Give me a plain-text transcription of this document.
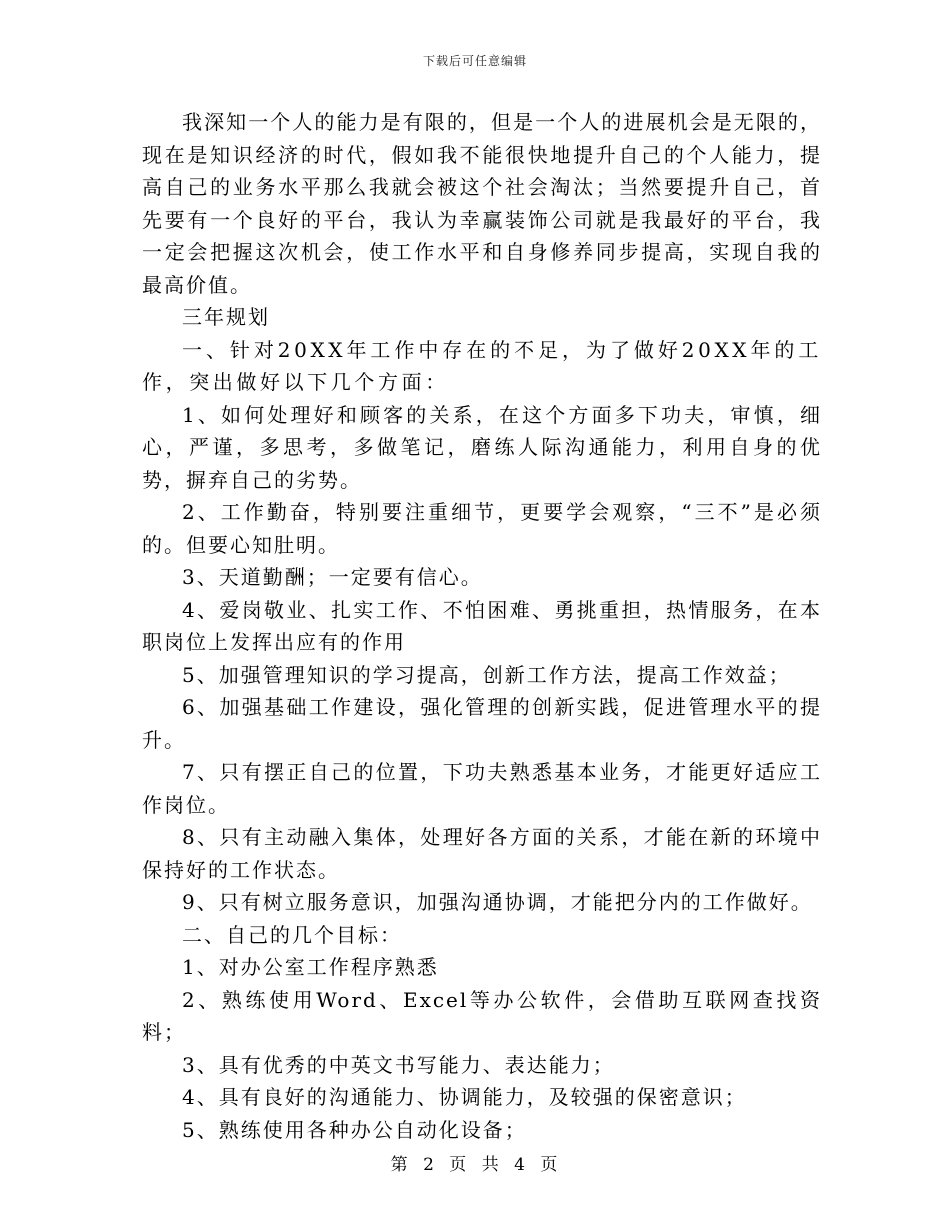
下载后可任意编辑

我深知一个人的能力是有限的，但是一个人的进展机会是无限的，现在是知识经济的时代，假如我不能很快地提升自己的个人能力，提高自己的业务水平那么我就会被这个社会淘汰；当然要提升自己，首先要有一个良好的平台，我认为幸赢装饰公司就是我最好的平台，我一定会把握这次机会，使工作水平和自身修养同步提高，实现自我的最高价值。

三年规划

一、针对20XX年工作中存在的不足，为了做好20XX年的工作，突出做好以下几个方面：

1、如何处理好和顾客的关系，在这个方面多下功夫，审慎，细心，严谨，多思考，多做笔记，磨练人际沟通能力，利用自身的优势，摒弃自己的劣势。

2、工作勤奋，特别要注重细节，更要学会观察，“三不”是必须的。但要心知肚明。

3、天道勤酬；一定要有信心。

4、爱岗敬业、扎实工作、不怕困难、勇挑重担，热情服务，在本职岗位上发挥出应有的作用

5、加强管理知识的学习提高，创新工作方法，提高工作效益；

6、加强基础工作建设，强化管理的创新实践，促进管理水平的提升。

7、只有摆正自己的位置，下功夫熟悉基本业务，才能更好适应工作岗位。

8、只有主动融入集体，处理好各方面的关系，才能在新的环境中保持好的工作状态。

9、只有树立服务意识，加强沟通协调，才能把分内的工作做好。

二、自己的几个目标：

1、对办公室工作程序熟悉

2、熟练使用Word、Excel等办公软件，会借助互联网查找资料；

3、具有优秀的中英文书写能力、表达能力；

4、具有良好的沟通能力、协调能力，及较强的保密意识；

5、熟练使用各种办公自动化设备；

第 2 页 共 4 页
